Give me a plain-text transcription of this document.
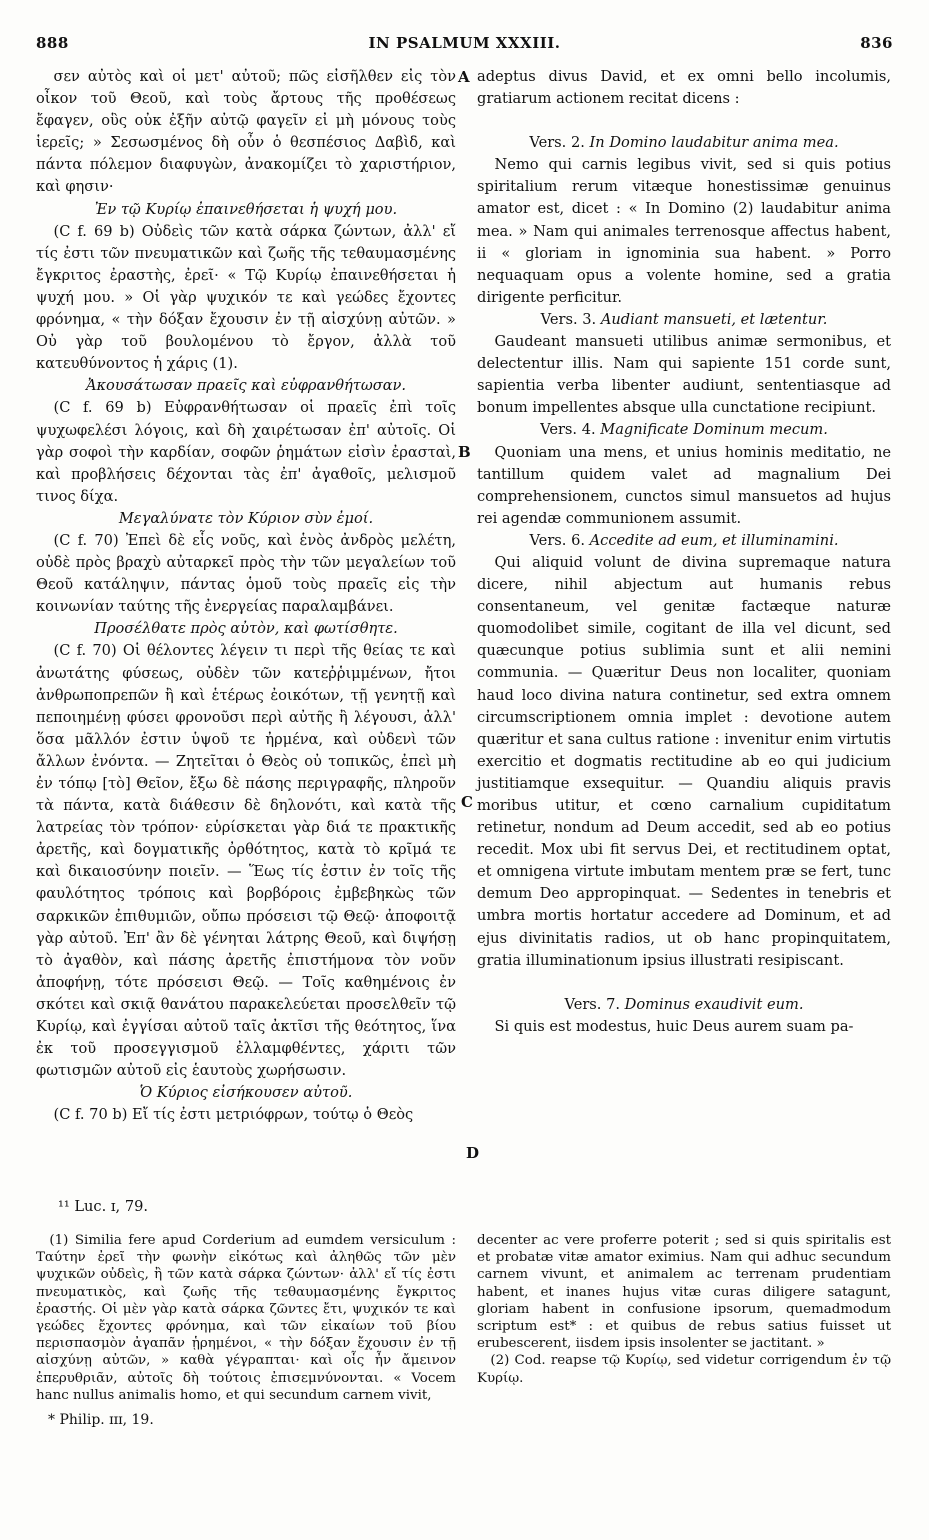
888	IN PSALMUM XXXIII.	836

σεν αὐτὸς καὶ οἱ μετ' αὐτοῦ; πῶς εἰσῆλθεν εἰς τὸν οἶκον τοῦ Θεοῦ, καὶ τοὺς ἄρτους τῆς προθέσεως ἔφαγεν, οὓς οὐκ ἐξῆν αὐτῷ φαγεῖν εἰ μὴ μόνους τοὺς ἱερεῖς; » Σεσωσμένος δὴ οὖν ὁ θεσπέσιος Δαβὶδ, καὶ πάντα πόλεμον διαφυγὼν, ἀνακομίζει τὸ χαριστήριον, καὶ φησιν·

Ἐν τῷ Κυρίῳ ἐπαινεθήσεται ἡ ψυχή μου.

(C f. 69 b) Οὐδεὶς τῶν κατὰ σάρκα ζώντων, ἀλλ' εἴ τίς ἐστι τῶν πνευματικῶν καὶ ζωῆς τῆς τεθαυμασμένης ἔγκριτος ἐραστὴς, ἐρεῖ· « Τῷ Κυρίῳ ἐπαινεθήσεται ἡ ψυχή μου. » Οἱ γὰρ ψυχικόν τε καὶ γεώδες ἔχοντες φρόνημα, « τὴν δόξαν ἔχουσιν ἐν τῇ αἰσχύνῃ αὐτῶν. » Οὐ γὰρ τοῦ βουλομένου τὸ ἔργον, ἀλλὰ τοῦ κατευθύνοντος ἡ χάρις (1).

Ἀκουσάτωσαν πραεῖς καὶ εὐφρανθήτωσαν.

(C f. 69 b) Εὐφρανθήτωσαν οἱ πραεῖς ἐπὶ τοῖς ψυχωφελέσι λόγοις, καὶ δὴ χαιρέτωσαν ἐπ' αὐτοῖς. Οἱ γὰρ σοφοὶ τὴν καρδίαν, σοφῶν ῥημάτων εἰσὶν ἐρασταὶ, καὶ προβλήσεις δέχονται τὰς ἐπ' ἀγαθοῖς, μελισμοῦ τινος δίχα.

Μεγαλύνατε τὸν Κύριον σὺν ἐμοί.

(C f. 70) Ἐπεὶ δὲ εἷς νοῦς, καὶ ἑνὸς ἀνδρὸς μελέτη, οὐδὲ πρὸς βραχὺ αὐταρκεῖ πρὸς τὴν τῶν μεγαλείων τοῦ Θεοῦ κατάληψιν, πάντας ὁμοῦ τοὺς πραεῖς εἰς τὴν κοινωνίαν ταύτης τῆς ἐνεργείας παραλαμβάνει.

Προσέλθατε πρὸς αὐτὸν, καὶ φωτίσθητε.

(C f. 70) Οἱ θέλοντες λέγειν τι περὶ τῆς θείας τε καὶ ἀνωτάτης φύσεως, οὐδὲν τῶν κατεῤῥιμμένων, ἤτοι ἀνθρωποπρεπῶν ἢ καὶ ἑτέρως ἐοικότων, τῇ γενητῇ καὶ πεποιημένῃ φύσει φρονοῦσι περὶ αὐτῆς ἢ λέγουσι, ἀλλ' ὅσα μᾶλλόν ἐστιν ὑψοῦ τε ἠρμένα, καὶ οὐδενὶ τῶν ἄλλων ἐνόντα. — Ζητεῖται ὁ Θεὸς οὐ τοπικῶς, ἐπεὶ μὴ ἐν τόπῳ [τὸ] Θεῖον, ἔξω δὲ πάσης περιγραφῆς, πληροῦν τὰ πάντα, κατὰ διάθεσιν δὲ δηλονότι, καὶ κατὰ τῆς λατρείας τὸν τρόπον· εὑρίσκεται γὰρ διά τε πρακτικῆς ἀρετῆς, καὶ δογματικῆς ὀρθότητος, κατὰ τὸ κρῖμά τε καὶ δικαιοσύνην ποιεῖν. — Ἕως τίς ἐστιν ἐν τοῖς τῆς φαυλότητος τρόποις καὶ βορβόροις ἐμβεβηκὼς τῶν σαρκικῶν ἐπιθυμιῶν, οὔπω πρόσεισι τῷ Θεῷ· ἀποφοιτᾷ γὰρ αὐτοῦ. Ἐπ' ἂν δὲ γένηται λάτρης Θεοῦ, καὶ διψήσῃ τὸ ἀγαθὸν, καὶ πάσης ἀρετῆς ἐπιστήμονα τὸν νοῦν ἀποφήνῃ, τότε πρόσεισι Θεῷ. — Τοῖς καθημένοις ἐν σκότει καὶ σκιᾷ θανάτου παρακελεύεται προσελθεῖν τῷ Κυρίῳ, καὶ ἐγγίσαι αὐτοῦ ταῖς ἀκτῖσι τῆς θεότητος, ἵνα ἐκ τοῦ προσεγγισμοῦ ἐλλαμφθέντες, χάριτι τῶν φωτισμῶν αὐτοῦ εἰς ἑαυτοὺς χωρήσωσιν.

Ὁ Κύριος εἰσήκουσεν αὐτοῦ.

(C f. 70 b) Εἴ τίς ἐστι μετριόφρων, τούτῳ ὁ Θεὸς

adeptus divus David, et ex omni bello incolumis, gratiarum actionem recitat dicens :

Vers. 2. In Domino laudabitur anima mea.

Nemo qui carnis legibus vivit, sed si quis potius spiritalium rerum vitæque honestissimæ genuinus amator est, dicet : « In Domino (2) laudabitur anima mea. » Nam qui animales terrenosque affectus habent, ii « gloriam in ignominia sua habent. » Porro nequaquam opus a volente homine, sed a gratia dirigente perficitur.

Vers. 3. Audiant mansueti, et lætentur.

Gaudeant mansueti utilibus animæ sermonibus, et delectentur illis. Nam qui sapiente 151 corde sunt, sapientia verba libenter audiunt, sententiasque ad bonum impellentes absque ulla cunctatione recipiunt.

Vers. 4. Magnificate Dominum mecum.

Quoniam una mens, et unius hominis meditatio, ne tantillum quidem valet ad magnalium Dei comprehensionem, cunctos simul mansuetos ad hujus rei agendæ communionem assumit.

Vers. 6. Accedite ad eum, et illuminamini.

Qui aliquid volunt de divina supremaque natura dicere, nihil abjectum aut humanis rebus consentaneum, vel genitæ factæque naturæ quomodolibet simile, cogitant de illa vel dicunt, sed quæcunque potius sublimia sunt et alii nemini communia. — Quæritur Deus non localiter, quoniam haud loco divina natura continetur, sed extra omnem circumscriptionem omnia implet : devotione autem quæritur et sana cultus ratione : invenitur enim virtutis exercitio et dogmatis rectitudine ab eo qui judicium justitiamque exsequitur. — Quandiu aliquis pravis moribus utitur, et cœno carnalium cupiditatum retinetur, nondum ad Deum accedit, sed ab eo potius recedit. Mox ubi fit servus Dei, et rectitudinem optat, et omnigena virtute imbutam mentem præ se fert, tunc demum Deo appropinquat. — Sedentes in tenebris et umbra mortis hortatur accedere ad Dominum, et ad ejus divinitatis radios, ut ob hanc propinquitatem, gratia illuminationum ipsius illustrati resipiscant.

Vers. 7. Dominus exaudivit eum.

Si quis est modestus, huic Deus aurem suam pa-

A
B
C
D
¹¹ Luc. ɪ, 79.

(1) Similia fere apud Corderium ad eumdem versiculum : Ταύτην ἐρεῖ τὴν φωνὴν εἰκότως καὶ ἀληθῶς τῶν μὲν ψυχικῶν οὐδεὶς, ἢ τῶν κατὰ σάρκα ζώντων· ἀλλ' εἴ τίς ἐστι πνευματικὸς, καὶ ζωῆς τῆς τεθαυμασμένης ἔγκριτος ἐραστής. Οἱ μὲν γὰρ κατὰ σάρκα ζῶντες ἔτι, ψυχικόν τε καὶ γεώδες ἔχοντες φρόνημα, καὶ τῶν εἰκαίων τοῦ βίου περισπασμὸν ἀγαπᾶν ᾑρημένοι, « τὴν δόξαν ἔχουσιν ἐν τῇ αἰσχύνῃ αὐτῶν, » καθὰ γέγραπται· καὶ οἷς ἦν ἄμεινον ἐπερυθριᾶν, αὐτοῖς δὴ τούτοις ἐπισεμνύνονται. « Vocem hanc nullus animalis homo, et qui secundum carnem vivit,

* Philip. ɪɪɪ, 19.

decenter ac vere proferre poterit ; sed si quis spiritalis est et probatæ vitæ amator eximius. Nam qui adhuc secundum carnem vivunt, et animalem ac terrenam prudentiam habent, et inanes hujus vitæ curas diligere satagunt, gloriam habent in confusione ipsorum, quemadmodum scriptum est* : et quibus de rebus satius fuisset ut erubescerent, iisdem ipsis insolenter se jactitant. »

(2) Cod. reapse τῷ Κυρίῳ, sed videtur corrigendum ἐν τῷ Κυρίῳ.
